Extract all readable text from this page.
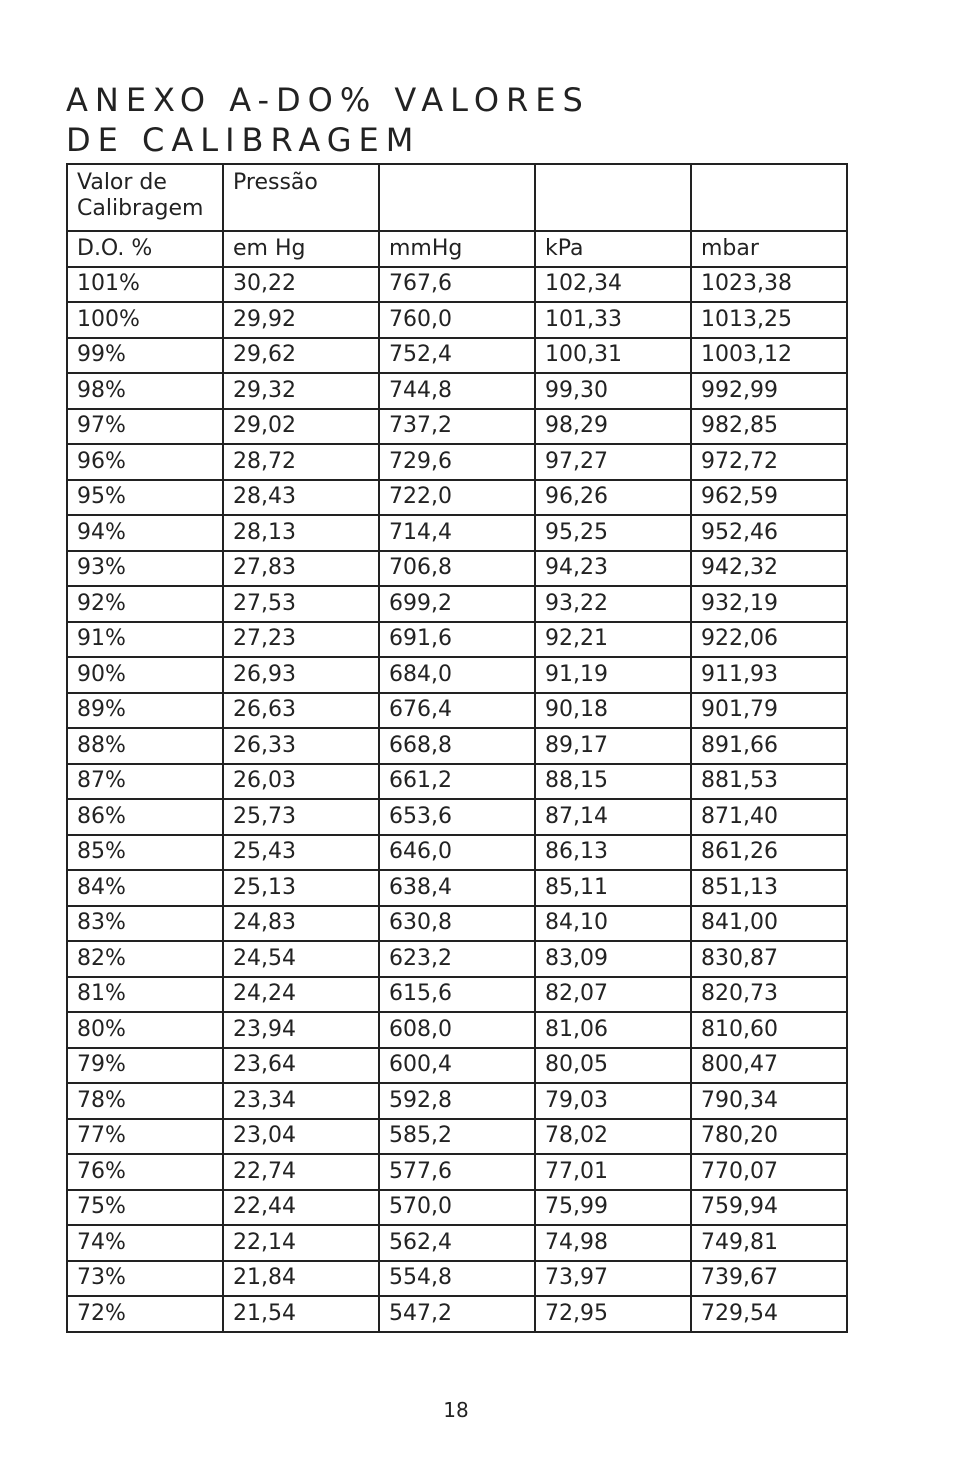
ANEXO A-DO% VALORES
DE CALIBRAGEM
Valor de Calibragem	Pressão			
D.O. %	em Hg	mmHg	kPa	mbar
101%	30,22	767,6	102,34	1023,38
100%	29,92	760,0	101,33	1013,25
99%	29,62	752,4	100,31	1003,12
98%	29,32	744,8	99,30	992,99
97%	29,02	737,2	98,29	982,85
96%	28,72	729,6	97,27	972,72
95%	28,43	722,0	96,26	962,59
94%	28,13	714,4	95,25	952,46
93%	27,83	706,8	94,23	942,32
92%	27,53	699,2	93,22	932,19
91%	27,23	691,6	92,21	922,06
90%	26,93	684,0	91,19	911,93
89%	26,63	676,4	90,18	901,79
88%	26,33	668,8	89,17	891,66
87%	26,03	661,2	88,15	881,53
86%	25,73	653,6	87,14	871,40
85%	25,43	646,0	86,13	861,26
84%	25,13	638,4	85,11	851,13
83%	24,83	630,8	84,10	841,00
82%	24,54	623,2	83,09	830,87
81%	24,24	615,6	82,07	820,73
80%	23,94	608,0	81,06	810,60
79%	23,64	600,4	80,05	800,47
78%	23,34	592,8	79,03	790,34
77%	23,04	585,2	78,02	780,20
76%	22,74	577,6	77,01	770,07
75%	22,44	570,0	75,99	759,94
74%	22,14	562,4	74,98	749,81
73%	21,84	554,8	73,97	739,67
72%	21,54	547,2	72,95	729,54
18
